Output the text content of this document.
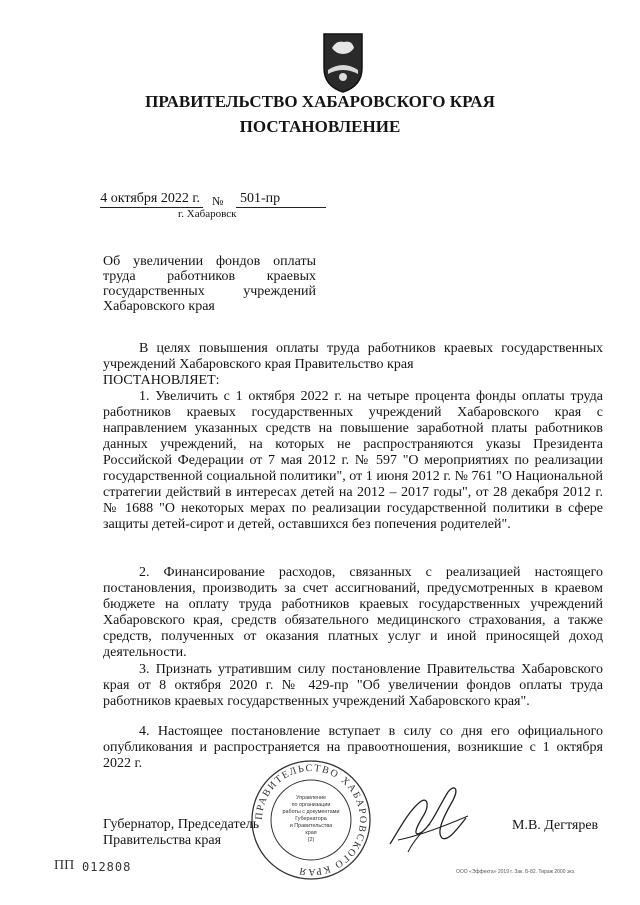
ПРАВИТЕЛЬСТВО ХАБАРОВСКОГО КРАЯ
ПОСТАНОВЛЕНИЕ
4 октября 2022 г. № 501-пр
г. Хабаровск
Об увеличении фондов оплаты труда работников краевых государственных учреждений Хабаровского края

В целях повышения оплаты труда работников краевых государственных учреждений Хабаровского края Правительство края

ПОСТАНОВЛЯЕТ:

1. Увеличить с 1 октября 2022 г. на четыре процента фонды оплаты труда работников краевых государственных учреждений Хабаровского края с направлением указанных средств на повышение заработной платы работников данных учреждений, на которых не распространяются указы Президента Российской Федерации от 7 мая 2012 г. № 597 "О мероприятиях по реализации государственной социальной политики", от 1 июня 2012 г. № 761 "О Национальной стратегии действий в интересах детей на 2012 – 2017 годы", от 28 декабря 2012 г. № 1688 "О некоторых мерах по реализации государственной политики в сфере защиты детей-сирот и детей, оставшихся без попечения родителей".

2. Финансирование расходов, связанных с реализацией настоящего постановления, производить за счет ассигнований, предусмотренных в краевом бюджете на оплату труда работников краевых государственных учреждений Хабаровского края, средств обязательного медицинского страхования, а также средств, полученных от оказания платных услуг и иной приносящей доход деятельности.

3. Признать утратившим силу постановление Правительства Хабаровского края от 8 октября 2020 г. № 429-пр "Об увеличении фондов оплаты труда работников краевых государственных учреждений Хабаровского края".

4. Настоящее постановление вступает в силу со дня его официального опубликования и распространяется на правоотношения, возникшие с 1 октября 2022 г.

Губернатор, Председатель
Правительства края
М.В. Дегтярев
ПРАВИТЕЛЬСТВО ХАБАРОВСКОГО КРАЯ
Управление
по организации
работы с документами
Губернатора
и Правительства
края
(2)
ПП 012808	ООО «Эффекта» 2019 г. Зак. Б-82. Тираж 2000 экз.
